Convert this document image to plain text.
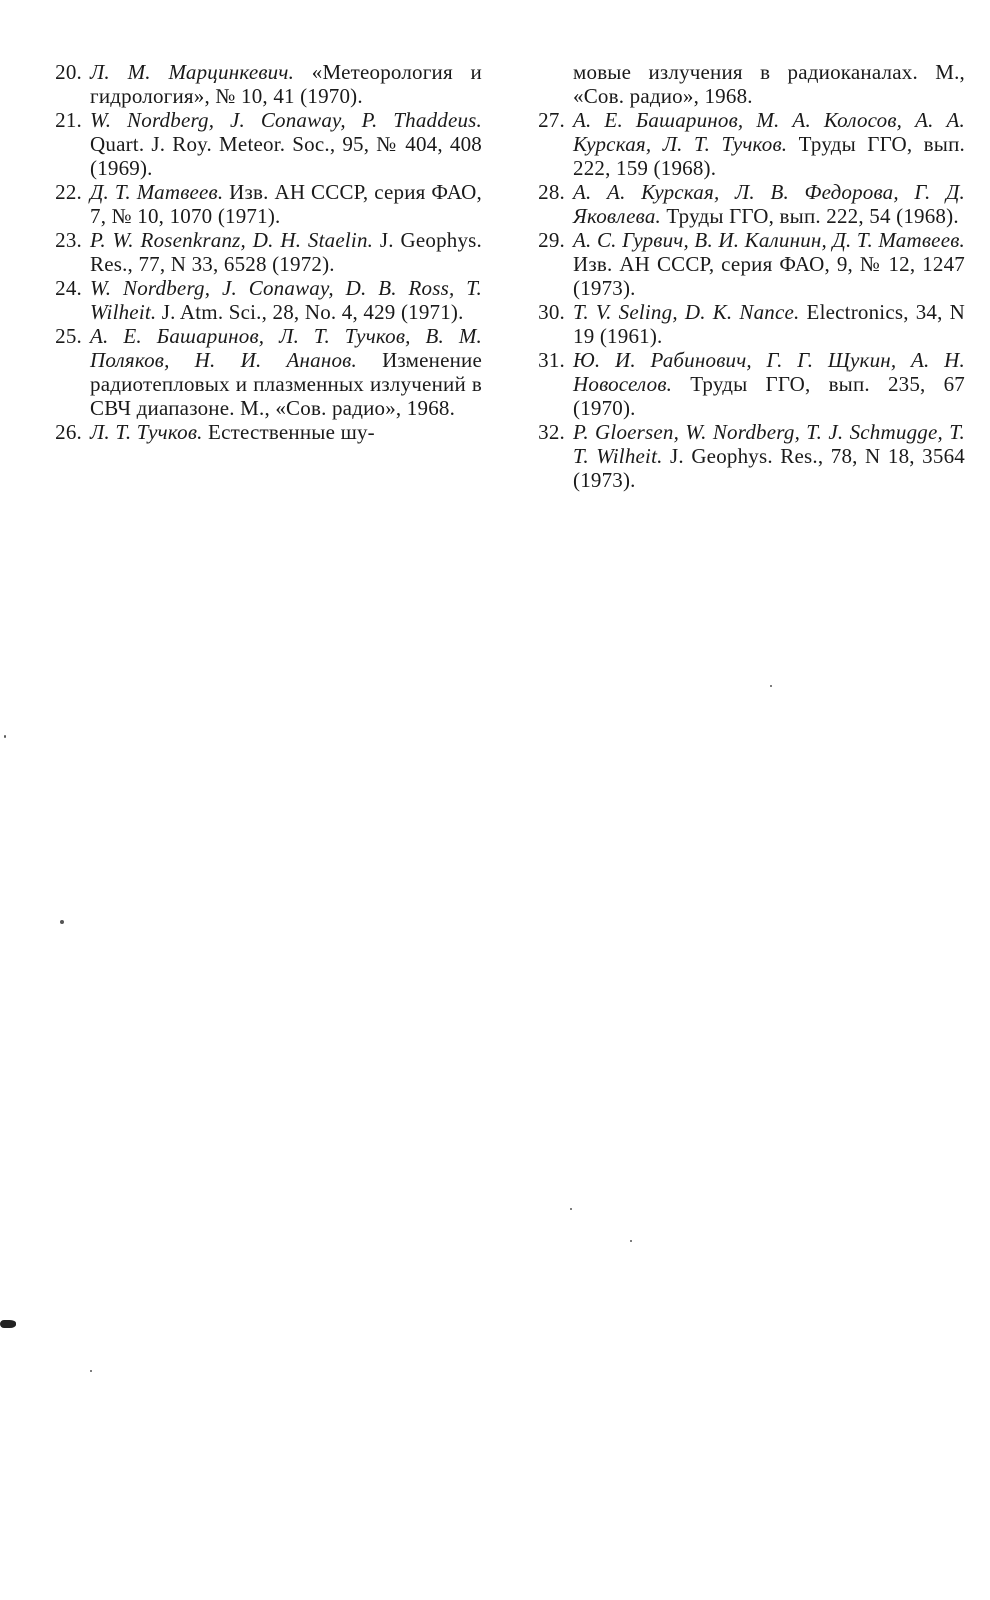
20. Л. М. Марцинкевич. «Метеорология и гидрология», № 10, 41 (1970).
21. W. Nordberg, J. Conaway, P. Thaddeus. Quart. J. Roy. Meteor. Soc., 95, № 404, 408 (1969).
22. Д. Т. Матвеев. Изв. АН СССР, серия ФАО, 7, № 10, 1070 (1971).
23. P. W. Rosenkranz, D. H. Staelin. J. Geophys. Res., 77, N 33, 6528 (1972).
24. W. Nordberg, J. Conaway, D. B. Ross, T. Wilheit. J. Atm. Sci., 28, No. 4, 429 (1971).
25. А. Е. Башаринов, Л. Т. Тучков, В. М. Поляков, Н. И. Ананов. Изменение радиотепловых и плазменных излучений в СВЧ диапазоне. М., «Сов. радио», 1968.
26. Л. Т. Тучков. Естественные шу-
мовые излучения в радиоканалах. М., «Сов. радио», 1968.
27. А. Е. Башаринов, М. А. Колосов, А. А. Курская, Л. Т. Тучков. Труды ГГО, вып. 222, 159 (1968).
28. А. А. Курская, Л. В. Федорова, Г. Д. Яковлева. Труды ГГО, вып. 222, 54 (1968).
29. А. С. Гурвич, В. И. Калинин, Д. Т. Матвеев. Изв. АН СССР, серия ФАО, 9, № 12, 1247 (1973).
30. T. V. Seling, D. K. Nance. Electronics, 34, N 19 (1961).
31. Ю. И. Рабинович, Г. Г. Щукин, А. Н. Новоселов. Труды ГГО, вып. 235, 67 (1970).
32. P. Gloersen, W. Nordberg, T. J. Schmugge, T. T. Wilheit. J. Geophys. Res., 78, N 18, 3564 (1973).
